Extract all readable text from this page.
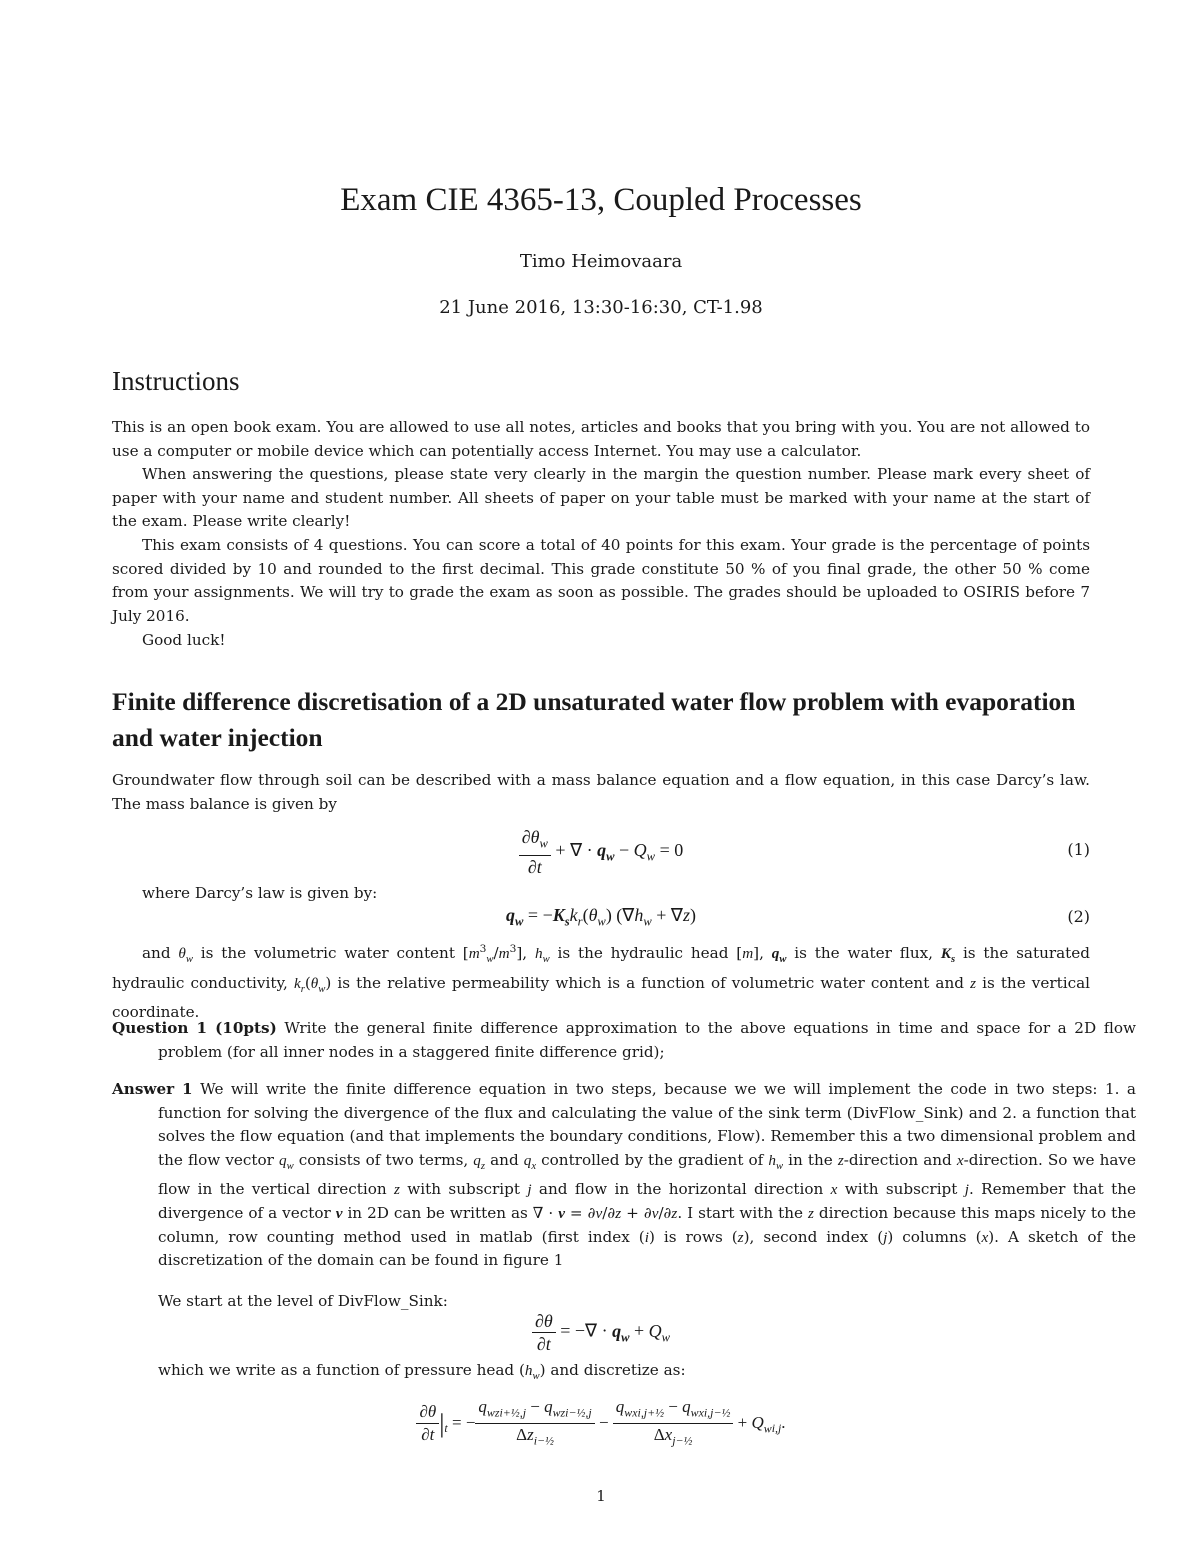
Exam CIE 4365-13, Coupled Processes
Timo Heimovaara
21 June 2016, 13:30-16:30, CT-1.98
Instructions

This is an open book exam. You are allowed to use all notes, articles and books that you bring with you. You are not allowed to use a computer or mobile device which can potentially access Internet. You may use a calculator.

When answering the questions, please state very clearly in the margin the question number. Please mark every sheet of paper with your name and student number. All sheets of paper on your table must be marked with your name at the start of the exam. Please write clearly!

This exam consists of 4 questions. You can score a total of 40 points for this exam. Your grade is the percentage of points scored divided by 10 and rounded to the first decimal. This grade constitute 50 % of you final grade, the other 50 % come from your assignments. We will try to grade the exam as soon as possible. The grades should be uploaded to OSIRIS before 7 July 2016.

Good luck!

Finite difference discretisation of a 2D unsaturated water flow problem with evaporation and water injection

Groundwater flow through soil can be described with a mass balance equation and a flow equation, in this case Darcy’s law. The mass balance is given by

$\frac{\partial\theta_w}{\partial t}$ + ∇ · $q_w - Q_w = 0$	(1)

where Darcy’s law is given by:

$q_w = -K_sk_r(\theta_w) (\nabla h_w + \nabla z)$	(2)

and $\theta_w$ is the volumetric water content $[m^3_w/m^3]$, $h_w$ is the hydraulic head [m], $q_w$ is the water flux, $K_s$ is the saturated hydraulic conductivity, $k_r(\theta_w)$ is the relative permeability which is a function of volumetric water content and z is the vertical coordinate.

Question 1 (10pts) Write the general finite difference approximation to the above equations in time and space for a 2D flow problem (for all inner nodes in a staggered finite difference grid);

Answer 1 We will write the finite difference equation in two steps, because we we will implement the code in two steps: 1. a function for solving the divergence of the flux and calculating the value of the sink term (DivFlow_Sink) and 2. a function that solves the flow equation (and that implements the boundary conditions, Flow). Remember this a two dimensional problem and the flow vector $q_w$ consists of two terms, $q_z$ and $q_x$ controlled by the gradient of $h_w$ in the z-direction and x-direction. So we have flow in the vertical direction z with subscript j and flow in the horizontal direction x with subscript j. Remember that the divergence of a vector v in 2D can be written as ∇ · v = ∂v/∂z + ∂v/∂z. I start with the z direction because this maps nicely to the column, row counting method used in matlab (first index (i) is rows (z), second index (j) columns (x). A sketch of the discretization of the domain can be found in figure 1

We start at the level of DivFlow_Sink:

$\frac{\partial\theta}{\partial t}$ = −∇ · $q_w + Q_w$

which we write as a function of pressure head $(h_w)$ and discretize as:

$\frac{\partial\theta}{\partial t} |_t$ = − $\frac{q_{wzi+\frac{1}{2},j} - q_{wzi-\frac{1}{2},j}}{\Delta z_{i-\frac{1}{2}}} - \frac{q_{wxi,j+\frac{1}{2}} - q_{wxi,j-\frac{1}{2}}}{\Delta x_{j-\frac{1}{2}}} + Q_{wi,j}$.
1
